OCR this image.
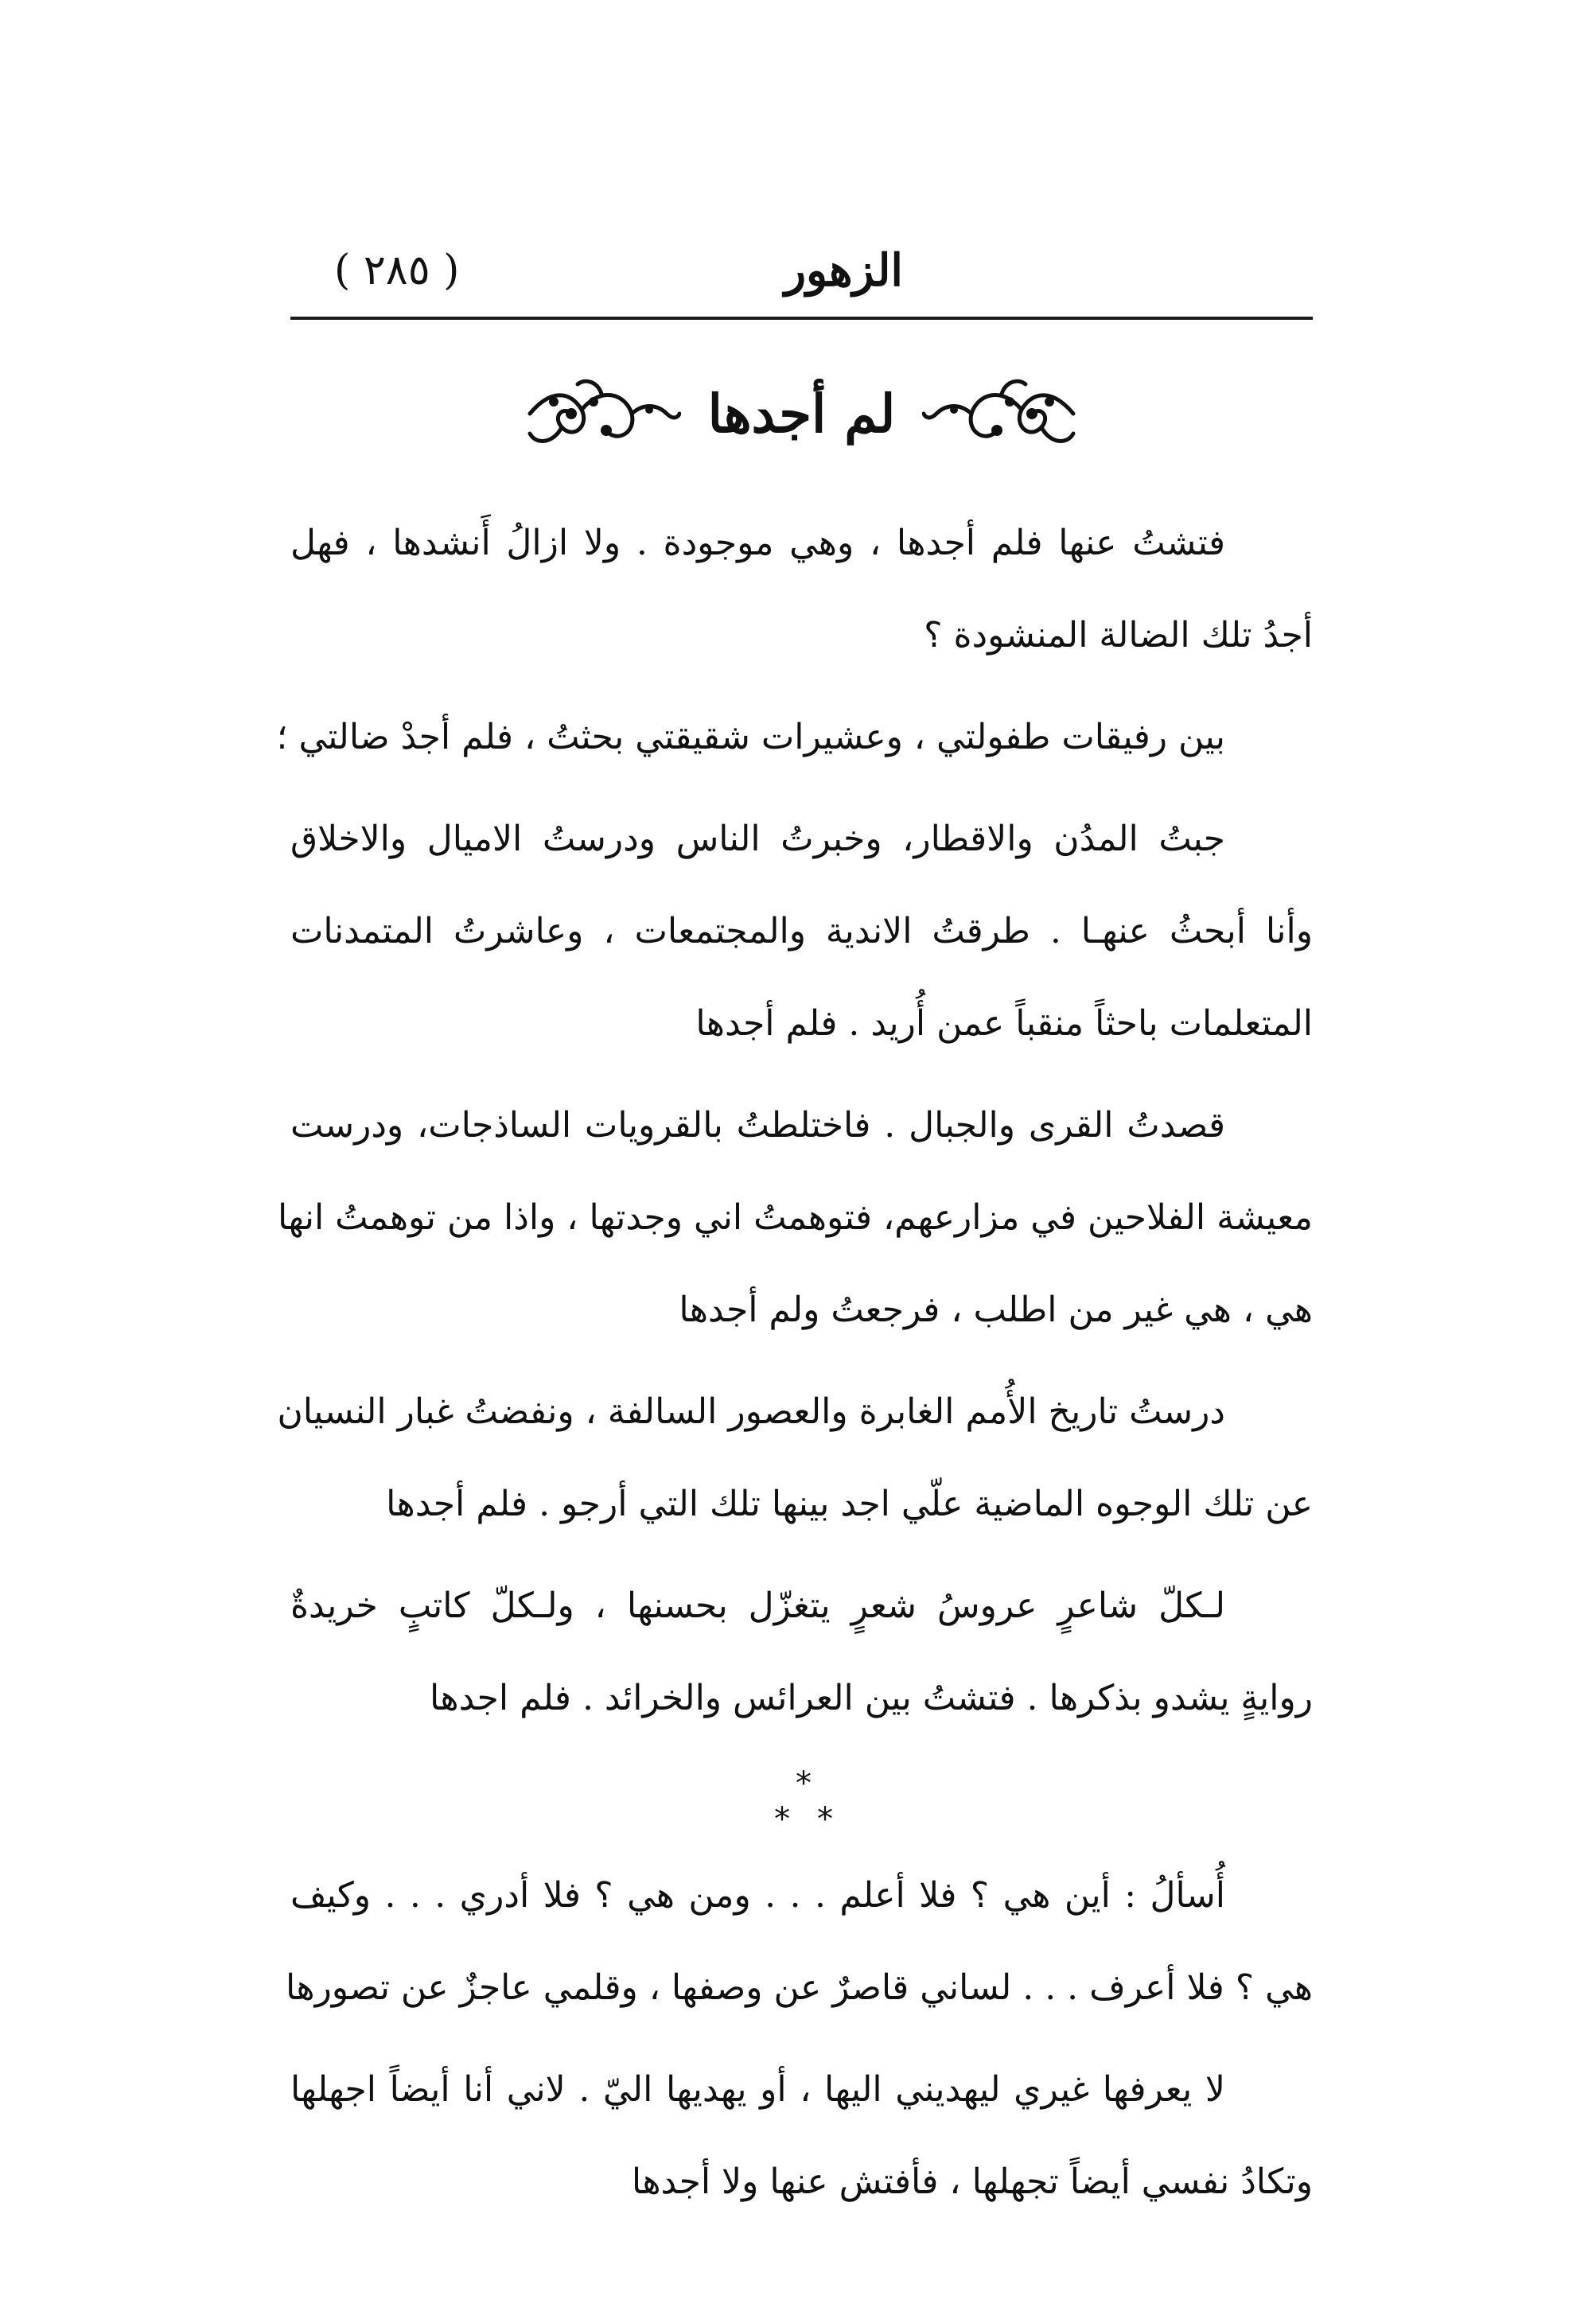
الزهور
( ٢٨٥ )
لم أجدها
فتشتُ عنها فلم أجدها ، وهي موجودة . ولا ازالُ أَنشدها ، فهل
أجدُ تلك الضالة المنشودة ؟
بين رفيقات طفولتي ، وعشيرات شقيقتي بحثتُ ، فلم أجدْ ضالتي ؛
جبتُ المدُن والاقطار، وخبرتُ الناس ودرستُ الاميال والاخلاق
وأنا أبحثُ عنهـا . طرقتُ الاندية والمجتمعات ، وعاشرتُ المتمدنات
المتعلمات باحثاً منقباً عمن أُريد . فلم أجدها
قصدتُ القرى والجبال . فاختلطتُ بالقرويات الساذجات، ودرست
معيشة الفلاحين في مزارعهم، فتوهمتُ اني وجدتها ، واذا من توهمتُ انها
هي ، هي غير من اطلب ، فرجعتُ ولم أجدها
درستُ تاريخ الأُمم الغابرة والعصور السالفة ، ونفضتُ غبار النسيان
عن تلك الوجوه الماضية علّي اجد بينها تلك التي أرجو . فلم أجدها
لـكلّ شاعرٍ عروسُ شعرٍ يتغزّل بحسنها ، ولـكلّ كاتبٍ خريدةٌ
روايةٍ يشدو بذكرها . فتشتُ بين العرائس والخرائد . فلم اجدها
*
* *
أُسألُ : أين هي ؟ فلا أعلم . . . ومن هي ؟ فلا أدري . . . وكيف
هي ؟ فلا أعرف . . . لساني قاصرٌ عن وصفها ، وقلمي عاجزٌ عن تصورها
لا يعرفها غيري ليهديني اليها ، أو يهديها اليّ . لاني أنا أيضاً اجهلها
وتكادُ نفسي أيضاً تجهلها ، فأفتش عنها ولا أجدها
